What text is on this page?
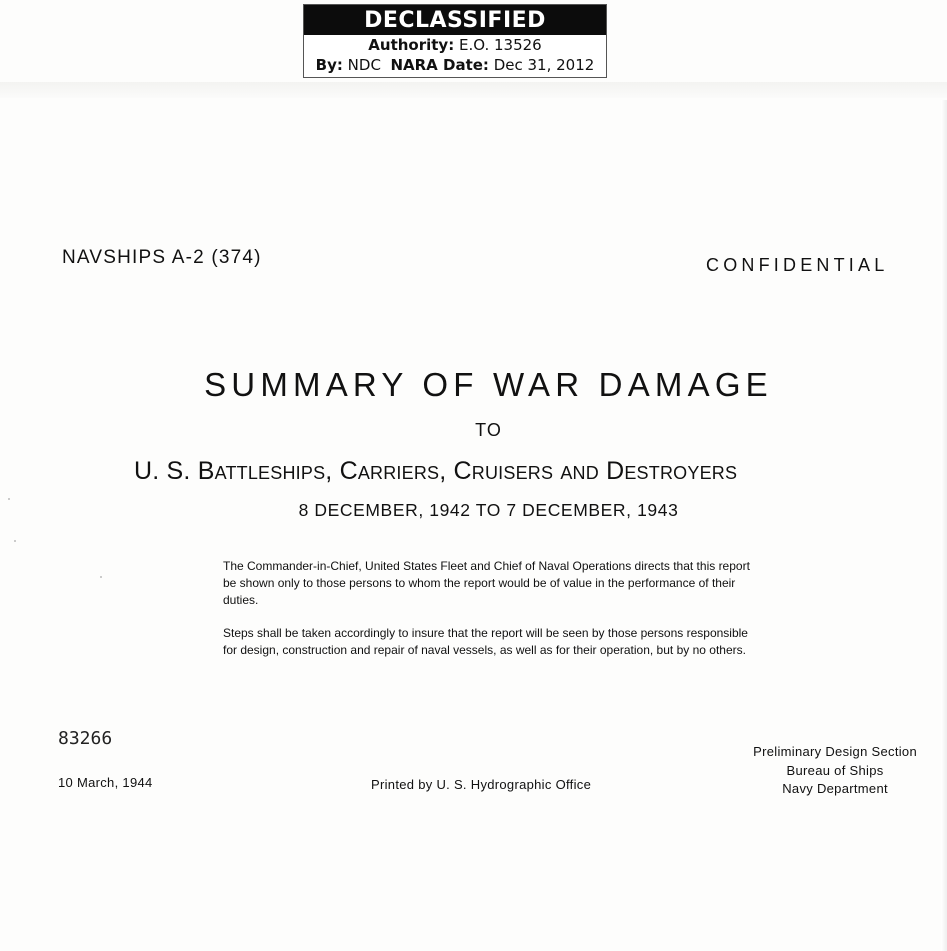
DECLASSIFIED
Authority: E.O. 13526
By: NDC NARA Date: Dec 31, 2012
NAVSHIPS A-2 (374)	CONFIDENTIAL
SUMMARY OF WAR DAMAGE
TO
U. S. Battleships, Carriers, Cruisers and Destroyers
8 DECEMBER, 1942 TO 7 DECEMBER, 1943
The Commander-in-Chief, United States Fleet and Chief of Naval Operations directs that this report be shown only to those persons to whom the report would be of value in the performance of their duties.
Steps shall be taken accordingly to insure that the report will be seen by those persons responsible for design, construction and repair of naval vessels, as well as for their operation, but by no others.
83266
10 March, 1944	Printed by U. S. Hydrographic Office
Preliminary Design Section
Bureau of Ships
Navy Department
